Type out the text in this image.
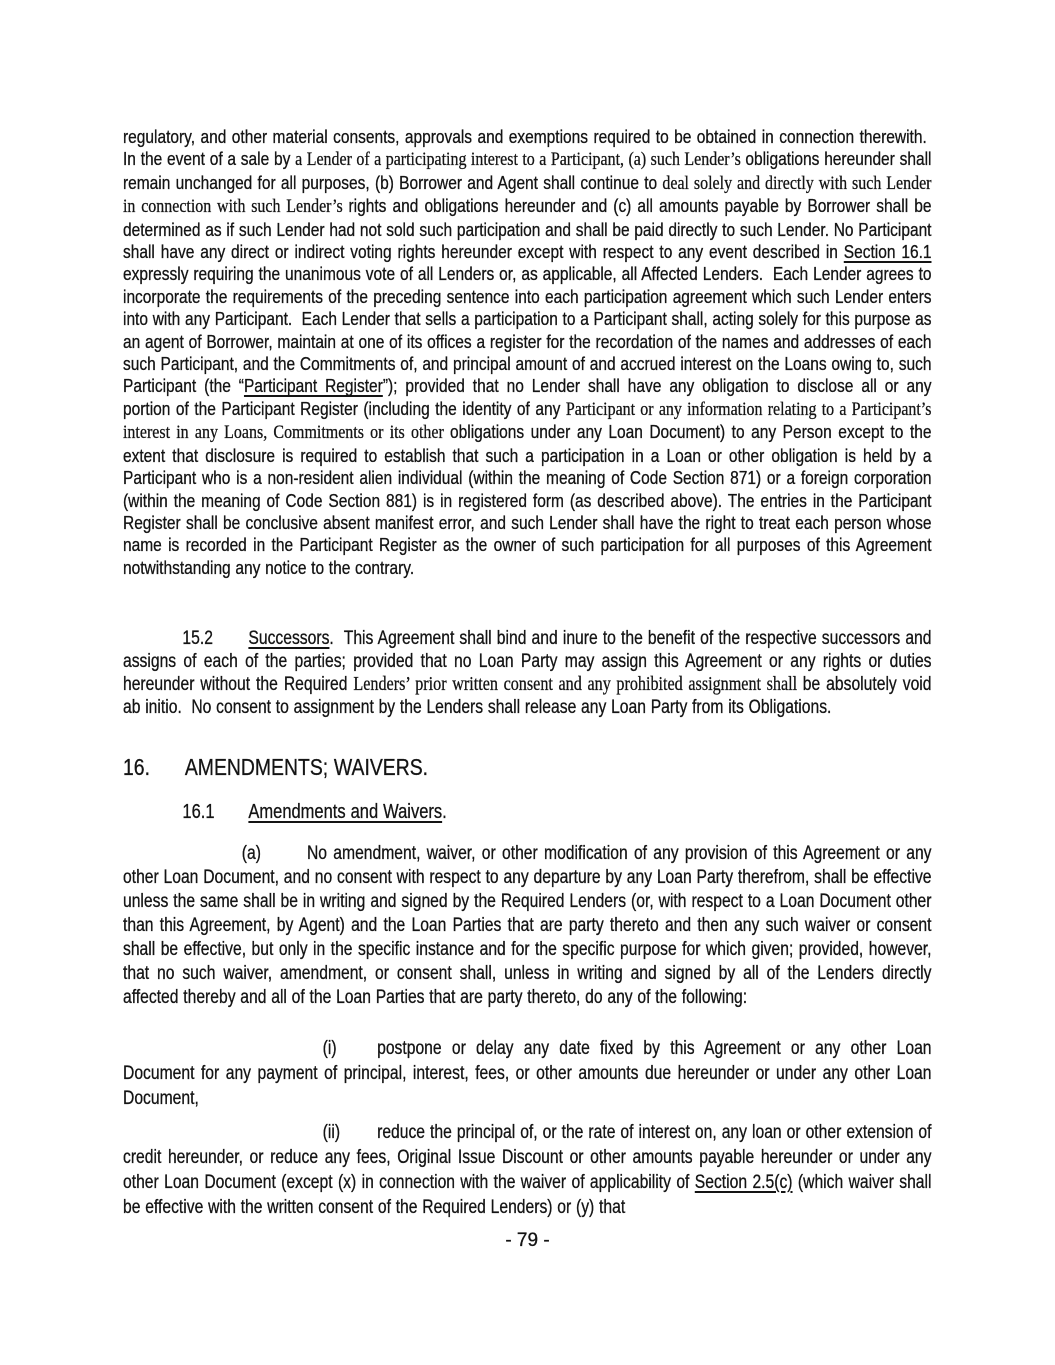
regulatory, and other material consents, approvals and exemptions required to be obtained in connection therewith.  In the event of a sale by a Lender of a participating interest to a Participant, (a) such Lender’s obligations hereunder shall remain unchanged for all purposes, (b) Borrower and Agent shall continue to deal solely and directly with such Lender in connection with such Lender’s rights and obligations hereunder and (c) all amounts payable by Borrower shall be determined as if such Lender had not sold such participation and shall be paid directly to such Lender. No Participant shall have any direct or indirect voting rights hereunder except with respect to any event described in Section 16.1 expressly requiring the unanimous vote of all Lenders or, as applicable, all Affected Lenders.  Each Lender agrees to incorporate the requirements of the preceding sentence into each participation agreement which such Lender enters into with any Participant.  Each Lender that sells a participation to a Participant shall, acting solely for this purpose as an agent of Borrower, maintain at one of its offices a register for the recordation of the names and addresses of each such Participant, and the Commitments of, and principal amount of and accrued interest on the Loans owing to, such Participant (the “Participant Register”); provided that no Lender shall have any obligation to disclose all or any portion of the Participant Register (including the identity of any Participant or any information relating to a Participant’s interest in any Loans, Commitments or its other obligations under any Loan Document) to any Person except to the extent that disclosure is required to establish that such a participation in a Loan or other obligation is held by a Participant who is a non-resident alien individual (within the meaning of Code Section 871) or a foreign corporation (within the meaning of Code Section 881) is in registered form (as described above). The entries in the Participant Register shall be conclusive absent manifest error, and such Lender shall have the right to treat each person whose name is recorded in the Participant Register as the owner of such participation for all purposes of this Agreement notwithstanding any notice to the contrary.
15.2 Successors.  This Agreement shall bind and inure to the benefit of the respective successors and assigns of each of the parties; provided that no Loan Party may assign this Agreement or any rights or duties hereunder without the Required Lenders’ prior written consent and any prohibited assignment shall be absolutely void ab initio.  No consent to assignment by the Lenders shall release any Loan Party from its Obligations.
16. AMENDMENTS; WAIVERS.
16.1 Amendments and Waivers.
(a) No amendment, waiver, or other modification of any provision of this Agreement or any other Loan Document, and no consent with respect to any departure by any Loan Party therefrom, shall be effective unless the same shall be in writing and signed by the Required Lenders (or, with respect to a Loan Document other than this Agreement, by Agent) and the Loan Parties that are party thereto and then any such waiver or consent shall be effective, but only in the specific instance and for the specific purpose for which given; provided, however, that no such waiver, amendment, or consent shall, unless in writing and signed by all of the Lenders directly affected thereby and all of the Loan Parties that are party thereto, do any of the following:
(i) postpone or delay any date fixed by this Agreement or any other Loan Document for any payment of principal, interest, fees, or other amounts due hereunder or under any other Loan Document,
(ii) reduce the principal of, or the rate of interest on, any loan or other extension of credit hereunder, or reduce any fees, Original Issue Discount or other amounts payable hereunder or under any other Loan Document (except (x) in connection with the waiver of applicability of Section 2.5(c) (which waiver shall be effective with the written consent of the Required Lenders) or (y) that
- 79 -
